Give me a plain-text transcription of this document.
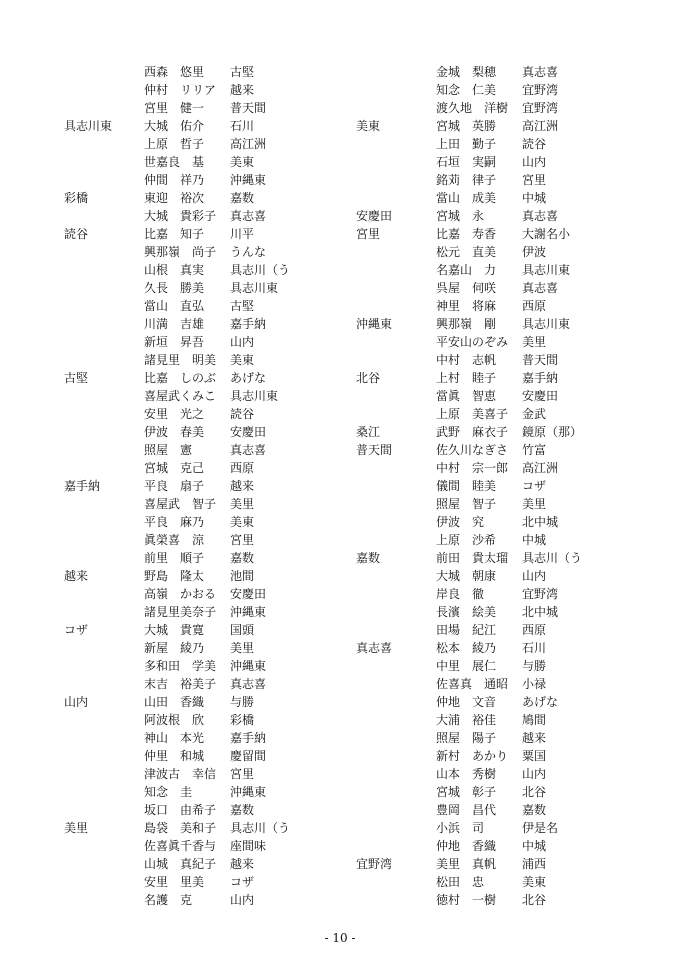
西森　悠里	古堅
仲村　リリア	越来
宮里　健一	普天間
具志川東	大城　佑介	石川
上原　哲子	高江洲
世嘉良　基	美東
仲間　祥乃	沖縄東
彩橋	東迎　裕次	嘉数
大城　貴彩子	真志喜
読谷	比嘉　知子	川平
興那嶺　尚子	うんな
山根　真実	具志川（う
久長　勝美	具志川東
當山　直弘	古堅
川満　吉雄	嘉手納
新垣　昇吾	山内
諸見里　明美	美東
古堅	比嘉　しのぶ	あげな
喜屋武くみこ	具志川東
安里　光之	読谷
伊波　春美	安慶田
照屋　憲	真志喜
宮城　克己	西原
嘉手納	平良　扇子	越来
喜屋武　智子	美里
平良　麻乃	美東
眞榮喜　涼	宮里
前里　順子	嘉数
越来	野島　隆太	池間
高嶺　かおる	安慶田
諸見里美奈子	沖縄東
コザ	大城　貴寛	国頭
新屋　綾乃	美里
多和田　学美	沖縄東
末吉　裕美子	真志喜
山内	山田　香織	与勝
阿波根　欣	彩橋
神山　本光	嘉手納
仲里　和城	慶留間
津波古　幸信	宮里
知念　圭	沖縄東
坂口　由希子	嘉数
美里	島袋　美和子	具志川（う
佐喜眞千香与	座間味
山城　真紀子	越来
安里　里美	コザ
名護　克	山内
金城　梨穂	真志喜
知念　仁美	宜野湾
渡久地　洋樹	宜野湾
美東	宮城　英勝	高江洲
上田　勤子	読谷
石垣　実嗣	山内
銘苅　律子	宮里
當山　成美	中城
安慶田	宮城　永	真志喜
宮里	比嘉　寿香	大謝名小
松元　直美	伊波
名嘉山　力	具志川東
呉屋　伺咲	真志喜
神里　将麻	西原
沖縄東	興那嶺　剛	具志川東
平安山のぞみ	美里
中村　志帆	普天間
北谷	上村　睦子	嘉手納
當眞　智恵	安慶田
上原　美喜子	金武
桑江	武野　麻衣子	鏡原（那）
普天間	佐久川なぎさ	竹富
中村　宗一郎	高江洲
儀間　睦美	コザ
照屋　智子	美里
伊波　究	北中城
上原　沙希	中城
嘉数	前田　貴太瑠	具志川（う
大城　朝康	山内
岸良　徹	宜野湾
長濱　絵美	北中城
田場　紀江	西原
真志喜	松本　綾乃	石川
中里　展仁	与勝
佐喜真　通昭	小禄
仲地　文音	あげな
大浦　裕佳	鳩間
照屋　陽子	越来
新村　あかり	粟国
山本　秀樹	山内
宮城　彰子	北谷
豊岡　昌代	嘉数
小浜　司	伊是名
仲地　香織	中城
宜野湾	美里　真帆	浦西
松田　忠	美東
徳村　一樹	北谷
- 10 -
